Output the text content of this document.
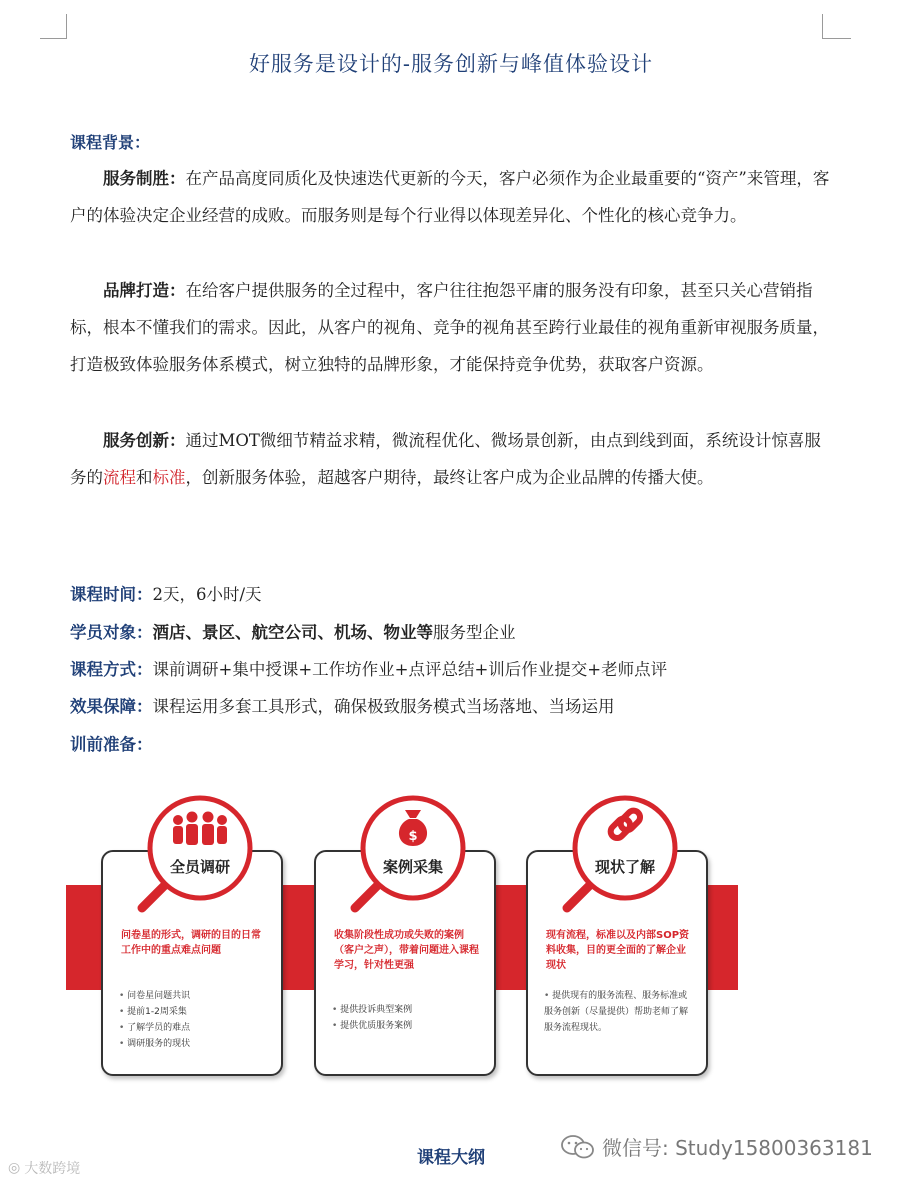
好服务是设计的-服务创新与峰值体验设计
课程背景：
服务制胜：在产品高度同质化及快速迭代更新的今天，客户必须作为企业最重要的“资产”来管理，客户的体验决定企业经营的成败。而服务则是每个行业得以体现差异化、个性化的核心竞争力。
品牌打造：在给客户提供服务的全过程中，客户往往抱怨平庸的服务没有印象，甚至只关心营销指标，根本不懂我们的需求。因此，从客户的视角、竞争的视角甚至跨行业最佳的视角重新审视服务质量，打造极致体验服务体系模式，树立独特的品牌形象，才能保持竞争优势，获取客户资源。
服务创新：通过MOT微细节精益求精，微流程优化、微场景创新，由点到线到面，系统设计惊喜服务的流程和标准，创新服务体验，超越客户期待，最终让客户成为企业品牌的传播大使。
课程时间：2天，6小时/天
学员对象：酒店、景区、航空公司、机场、物业等服务型企业
课程方式：课前调研+集中授课+工作坊作业+点评总结+训后作业提交+老师点评
效果保障：课程运用多套工具形式，确保极致服务模式当场落地、当场运用
训前准备：
问卷星的形式，调研的目的日常工作中的重点难点问题
• 问卷星问题共识
• 提前1-2周采集
• 了解学员的难点
• 调研服务的现状
全员调研
收集阶段性成功或失败的案例（客户之声），带着问题进入课程学习，针对性更强
• 提供投诉典型案例
• 提供优质服务案例
$
案例采集
现有流程，标准以及内部SOP资料收集，目的更全面的了解企业现状
• 提供现有的服务流程、服务标准或服务创新（尽量提供）帮助老师了解服务流程现状。
现状了解
课程大纲	微信号: Study15800363181
◎ 大数跨境
